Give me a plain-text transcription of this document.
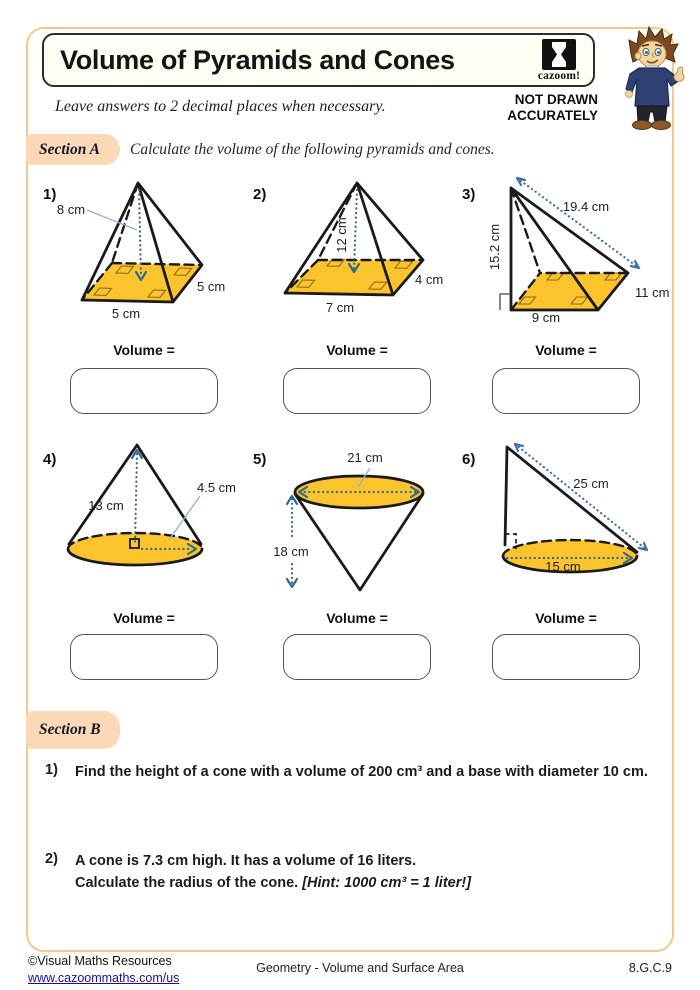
Volume of Pyramids and Cones
cazoom!
Leave answers to 2 decimal places when necessary.	NOT DRAWN
ACCURATELY
Section A Calculate the volume of the following pyramids and cones.
1)	2)	3)
4)	5)	6)
8 cm
5 cm
5 cm
12 cm
4 cm
7 cm
19.4 cm
15.2 cm
11 cm
9 cm
13 cm
4.5 cm
21 cm
18 cm
15 cm
25 cm
Volume =	Volume =	Volume =
Volume =	Volume =	Volume =
Section B
1) Find the height of a cone with a volume of 200 cm³ and a base with diameter 10 cm.
2) A cone is 7.3 cm high. It has a volume of 16 liters.
Calculate the radius of the cone. [Hint: 1000 cm³ = 1 liter!]
©Visual Maths Resources
www.cazoommaths.com/us
Geometry - Volume and Surface Area	8.G.C.9
